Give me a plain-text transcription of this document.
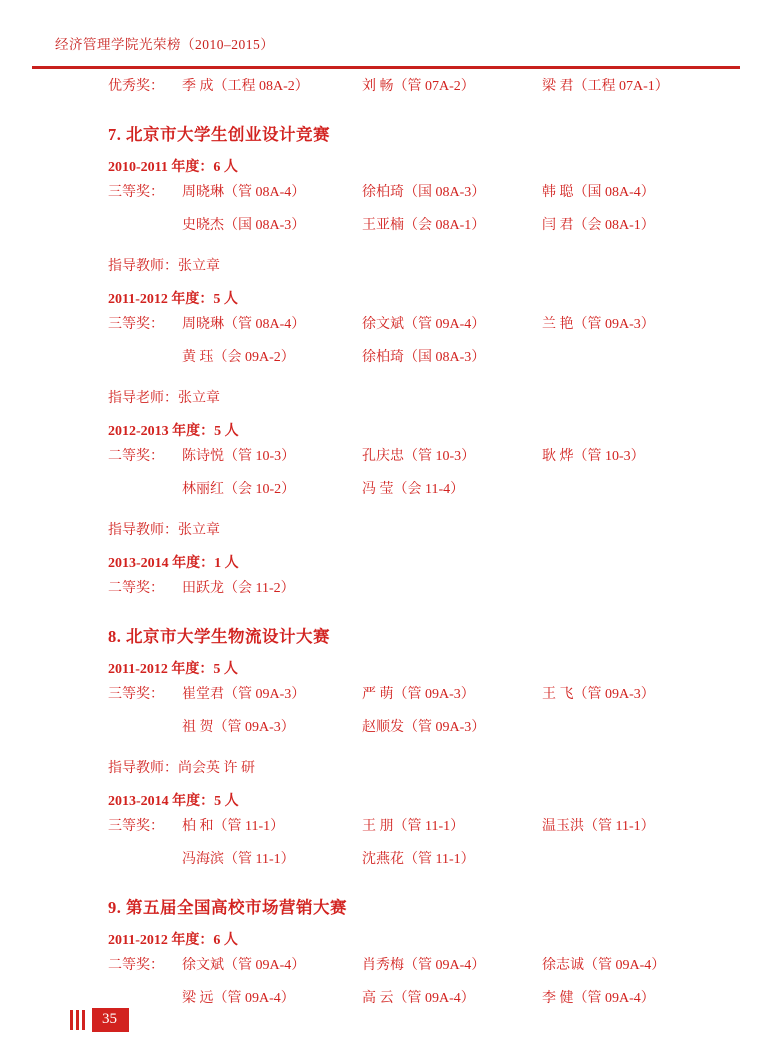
经济管理学院光荣榜（2010–2015）
优秀奖：	季 成（工程 08A-2）	刘 畅（管 07A-2）	梁 君（工程 07A-1）
7. 北京市大学生创业设计竞赛
2010-2011 年度：6 人
三等奖：	周晓琳（管 08A-4）	徐柏琦（国 08A-3）	韩 聪（国 08A-4）
史晓杰（国 08A-3）	王亚楠（会 08A-1）	闫 君（会 08A-1）
指导教师：张立章
2011-2012 年度：5 人
三等奖：	周晓琳（管 08A-4）	徐文斌（管 09A-4）	兰 艳（管 09A-3）
黄 珏（会 09A-2）	徐柏琦（国 08A-3）
指导老师：张立章
2012-2013 年度：5 人
二等奖：	陈诗悦（管 10-3）	孔庆忠（管 10-3）	耿 烨（管 10-3）
林丽红（会 10-2）	冯 莹（会 11-4）
指导教师：张立章
2013-2014 年度：1 人
二等奖：	田跃龙（会 11-2）
8. 北京市大学生物流设计大赛
2011-2012 年度：5 人
三等奖：	崔堂君（管 09A-3）	严 萌（管 09A-3）	王 飞（管 09A-3）
祖 贺（管 09A-3）	赵顺发（管 09A-3）
指导教师：尚会英 许 研
2013-2014 年度：5 人
三等奖：	柏 和（管 11-1）	王 朋（管 11-1）	温玉洪（管 11-1）
冯海滨（管 11-1）	沈燕花（管 11-1）
9. 第五届全国高校市场营销大赛
2011-2012 年度：6 人
二等奖：	徐文斌（管 09A-4）	肖秀梅（管 09A-4）	徐志诚（管 09A-4）
梁 远（管 09A-4）	高 云（管 09A-4）	李 健（管 09A-4）
35
